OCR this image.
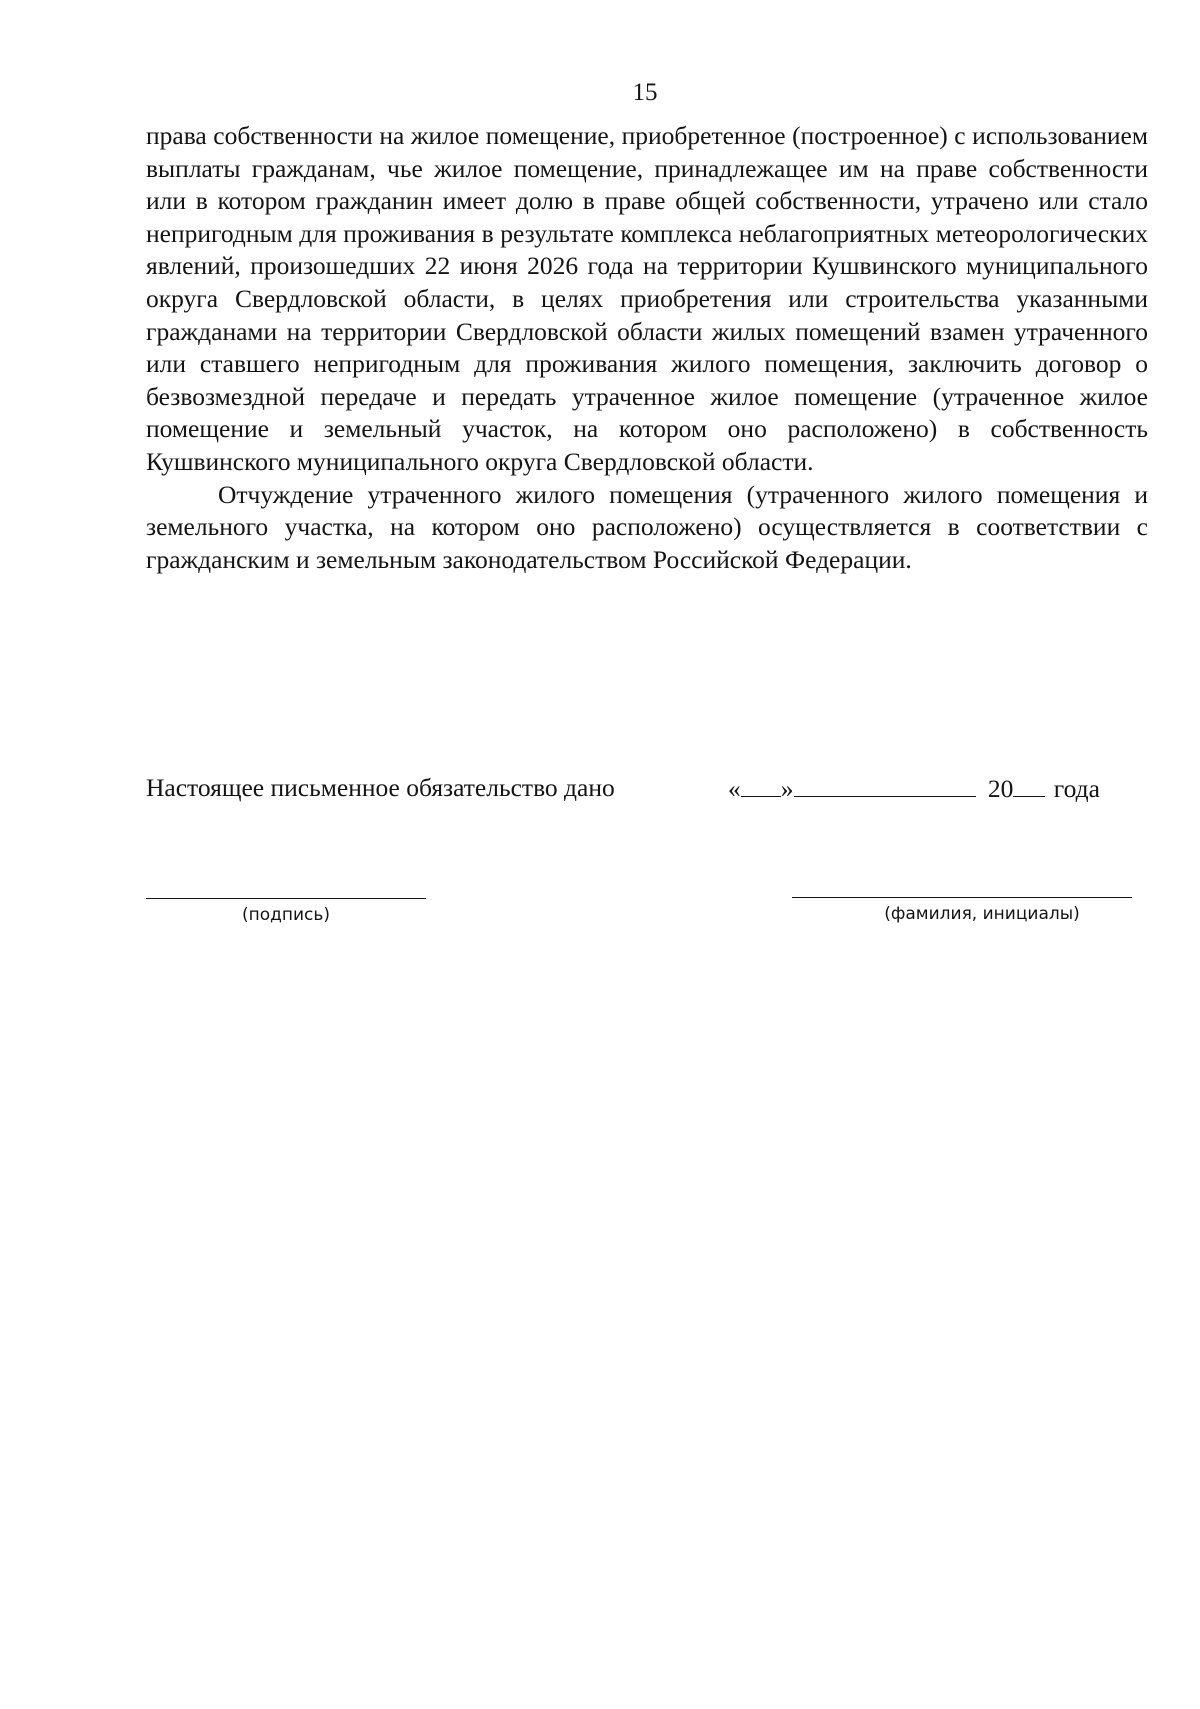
15

права собственности на жилое помещение, приобретенное (построенное) с использованием выплаты гражданам, чье жилое помещение, принадлежащее им на праве собственности или в котором гражданин имеет долю в праве общей собственности, утрачено или стало непригодным для проживания в результате комплекса неблагоприятных метеорологических явлений, произошедших 22 июня 2026 года на территории Кушвинского муниципального округа Свердловской области, в целях приобретения или строительства указанными гражданами на территории Свердловской области жилых помещений взамен утраченного или ставшего непригодным для проживания жилого помещения, заключить договор о безвозмездной передаче и передать утраченное жилое помещение (утраченное жилое помещение и земельный участок, на котором оно расположено) в собственность Кушвинского муниципального округа Свердловской области.

Отчуждение утраченного жилого помещения (утраченного жилого помещения и земельного участка, на котором оно расположено) осуществляется в соответствии с гражданским и земельным законодательством Российской Федерации.

Настоящее письменное обязательство дано	« »	20 года
(подпись)	(фамилия, инициалы)
